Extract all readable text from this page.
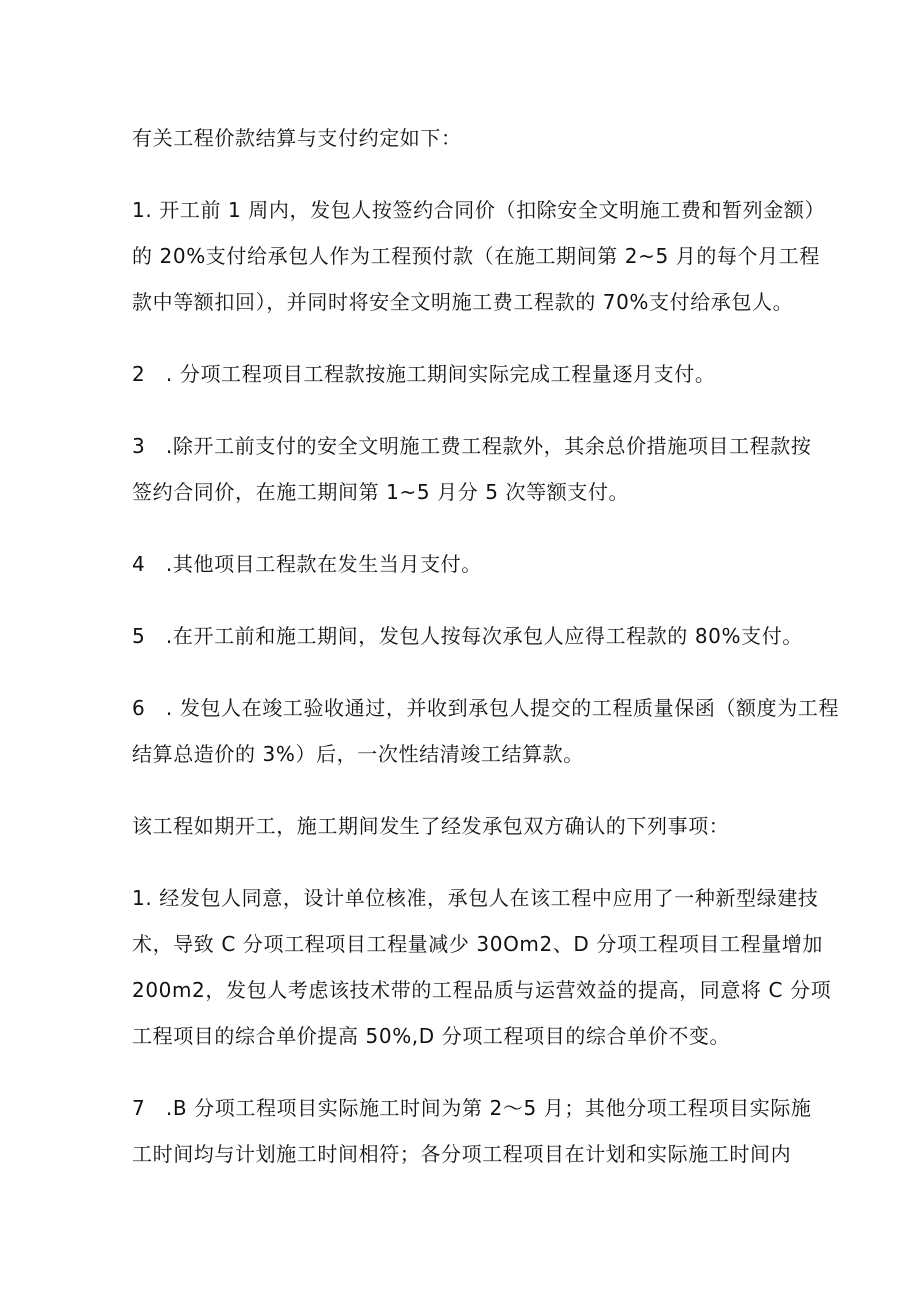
有关工程价款结算与支付约定如下：
1. 开工前 1 周内，发包人按签约合同价（扣除安全文明施工费和暂列金额）
的 20%支付给承包人作为工程预付款（在施工期间第 2~5 月的每个月工程
款中等额扣回），并同时将安全文明施工费工程款的 70%支付给承包人。
2　. 分项工程项目工程款按施工期间实际完成工程量逐月支付。
3　.除开工前支付的安全文明施工费工程款外，其余总价措施项目工程款按
签约合同价，在施工期间第 1~5 月分 5 次等额支付。
4　.其他项目工程款在发生当月支付。
5　.在开工前和施工期间，发包人按每次承包人应得工程款的 80%支付。
6　. 发包人在竣工验收通过，并收到承包人提交的工程质量保函（额度为工程
结算总造价的 3%）后，一次性结清竣工结算款。
该工程如期开工，施工期间发生了经发承包双方确认的下列事项：
1. 经发包人同意，设计单位核准，承包人在该工程中应用了一种新型绿建技
术，导致 C 分项工程项目工程量减少 30Om2、D 分项工程项目工程量增加
200m2，发包人考虑该技术带的工程品质与运营效益的提高，同意将 C 分项
工程项目的综合单价提高 50%,D 分项工程项目的综合单价不变。
7　.B 分项工程项目实际施工时间为第 2～5 月；其他分项工程项目实际施
工时间均与计划施工时间相符；各分项工程项目在计划和实际施工时间内
